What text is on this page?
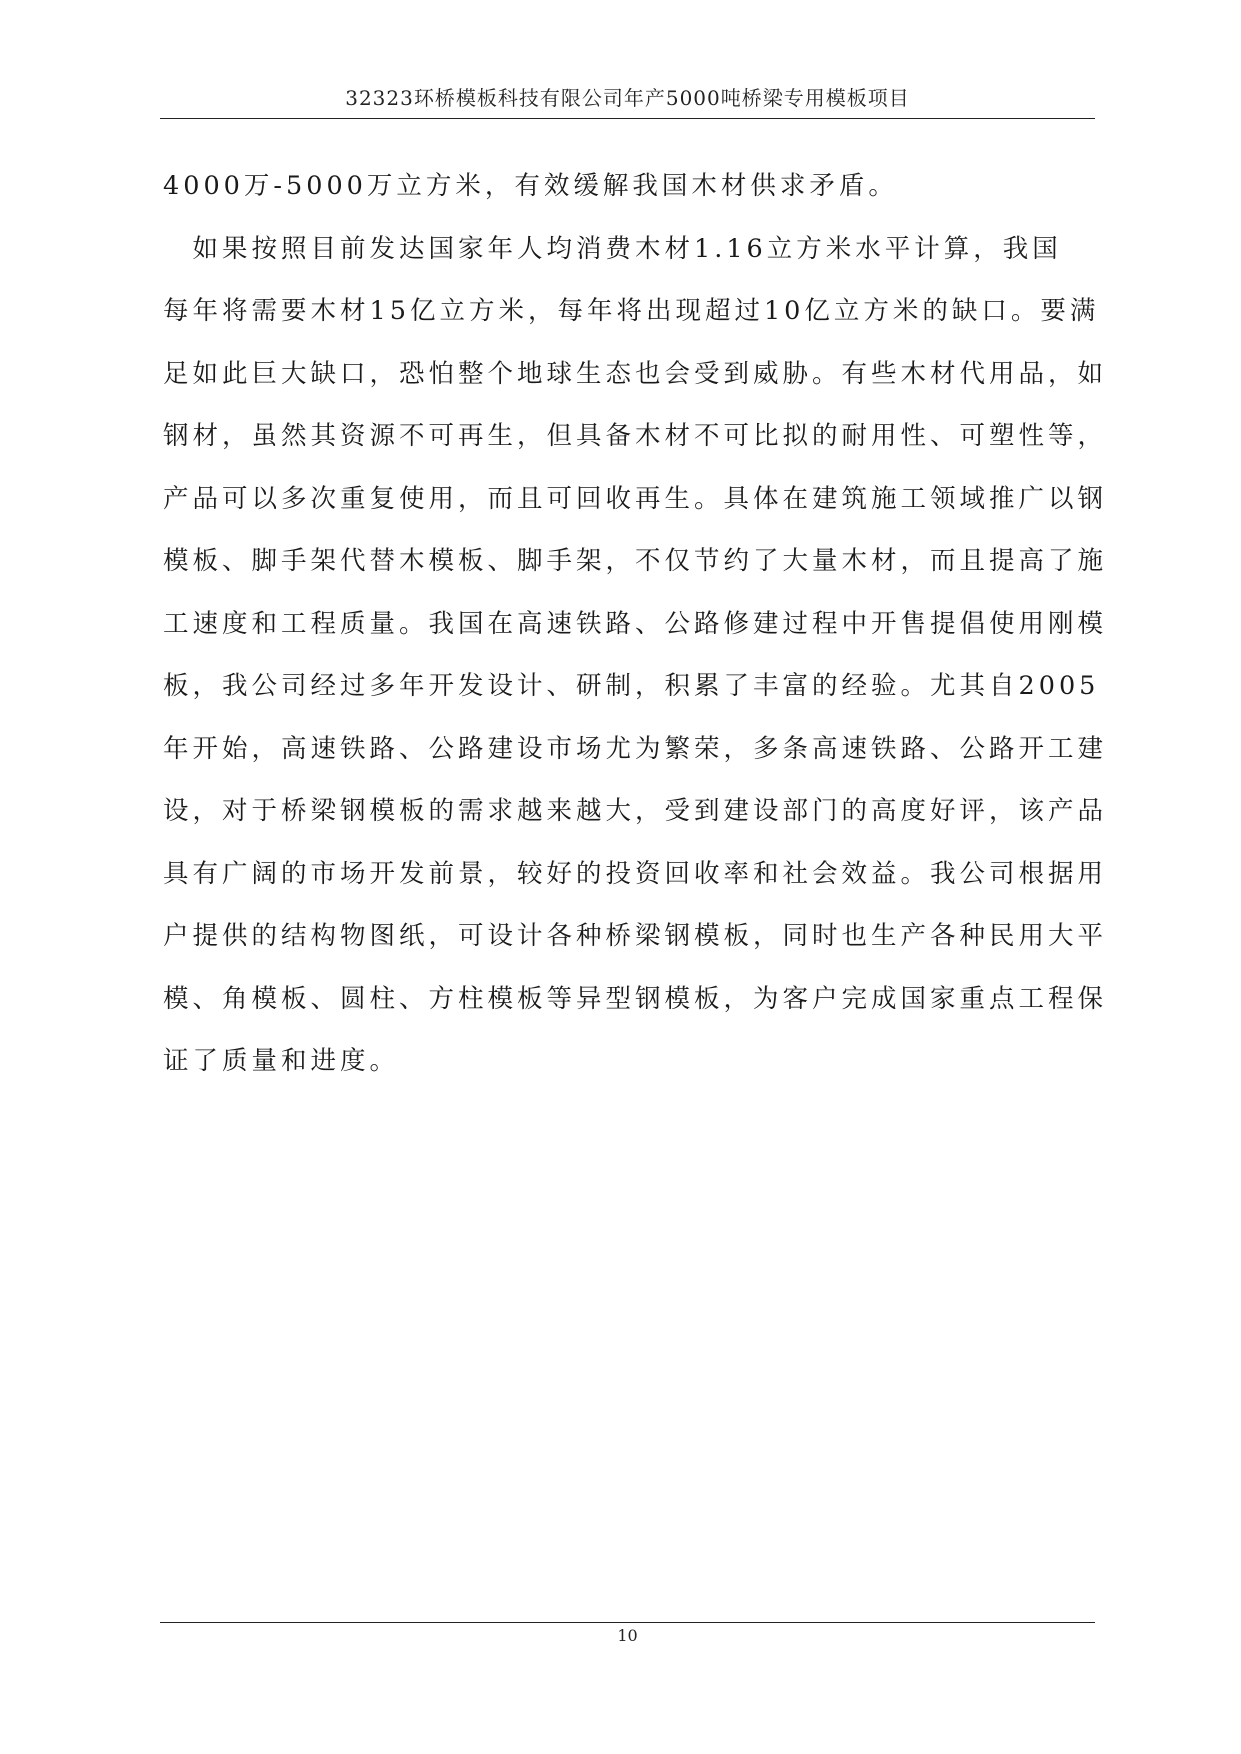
32323环桥模板科技有限公司年产5000吨桥梁专用模板项目
4000万-5000万立方米，有效缓解我国木材供求矛盾。
　如果按照目前发达国家年人均消费木材1.16立方米水平计算，我国
每年将需要木材15亿立方米，每年将出现超过10亿立方米的缺口。要满
足如此巨大缺口，恐怕整个地球生态也会受到威胁。有些木材代用品，如
钢材，虽然其资源不可再生，但具备木材不可比拟的耐用性、可塑性等，
产品可以多次重复使用，而且可回收再生。具体在建筑施工领域推广以钢
模板、脚手架代替木模板、脚手架，不仅节约了大量木材，而且提高了施
工速度和工程质量。我国在高速铁路、公路修建过程中开售提倡使用刚模
板，我公司经过多年开发设计、研制，积累了丰富的经验。尤其自2005
年开始，高速铁路、公路建设市场尤为繁荣，多条高速铁路、公路开工建
设，对于桥梁钢模板的需求越来越大，受到建设部门的高度好评，该产品
具有广阔的市场开发前景，较好的投资回收率和社会效益。我公司根据用
户提供的结构物图纸，可设计各种桥梁钢模板，同时也生产各种民用大平
模、角模板、圆柱、方柱模板等异型钢模板，为客户完成国家重点工程保
证了质量和进度。
10
